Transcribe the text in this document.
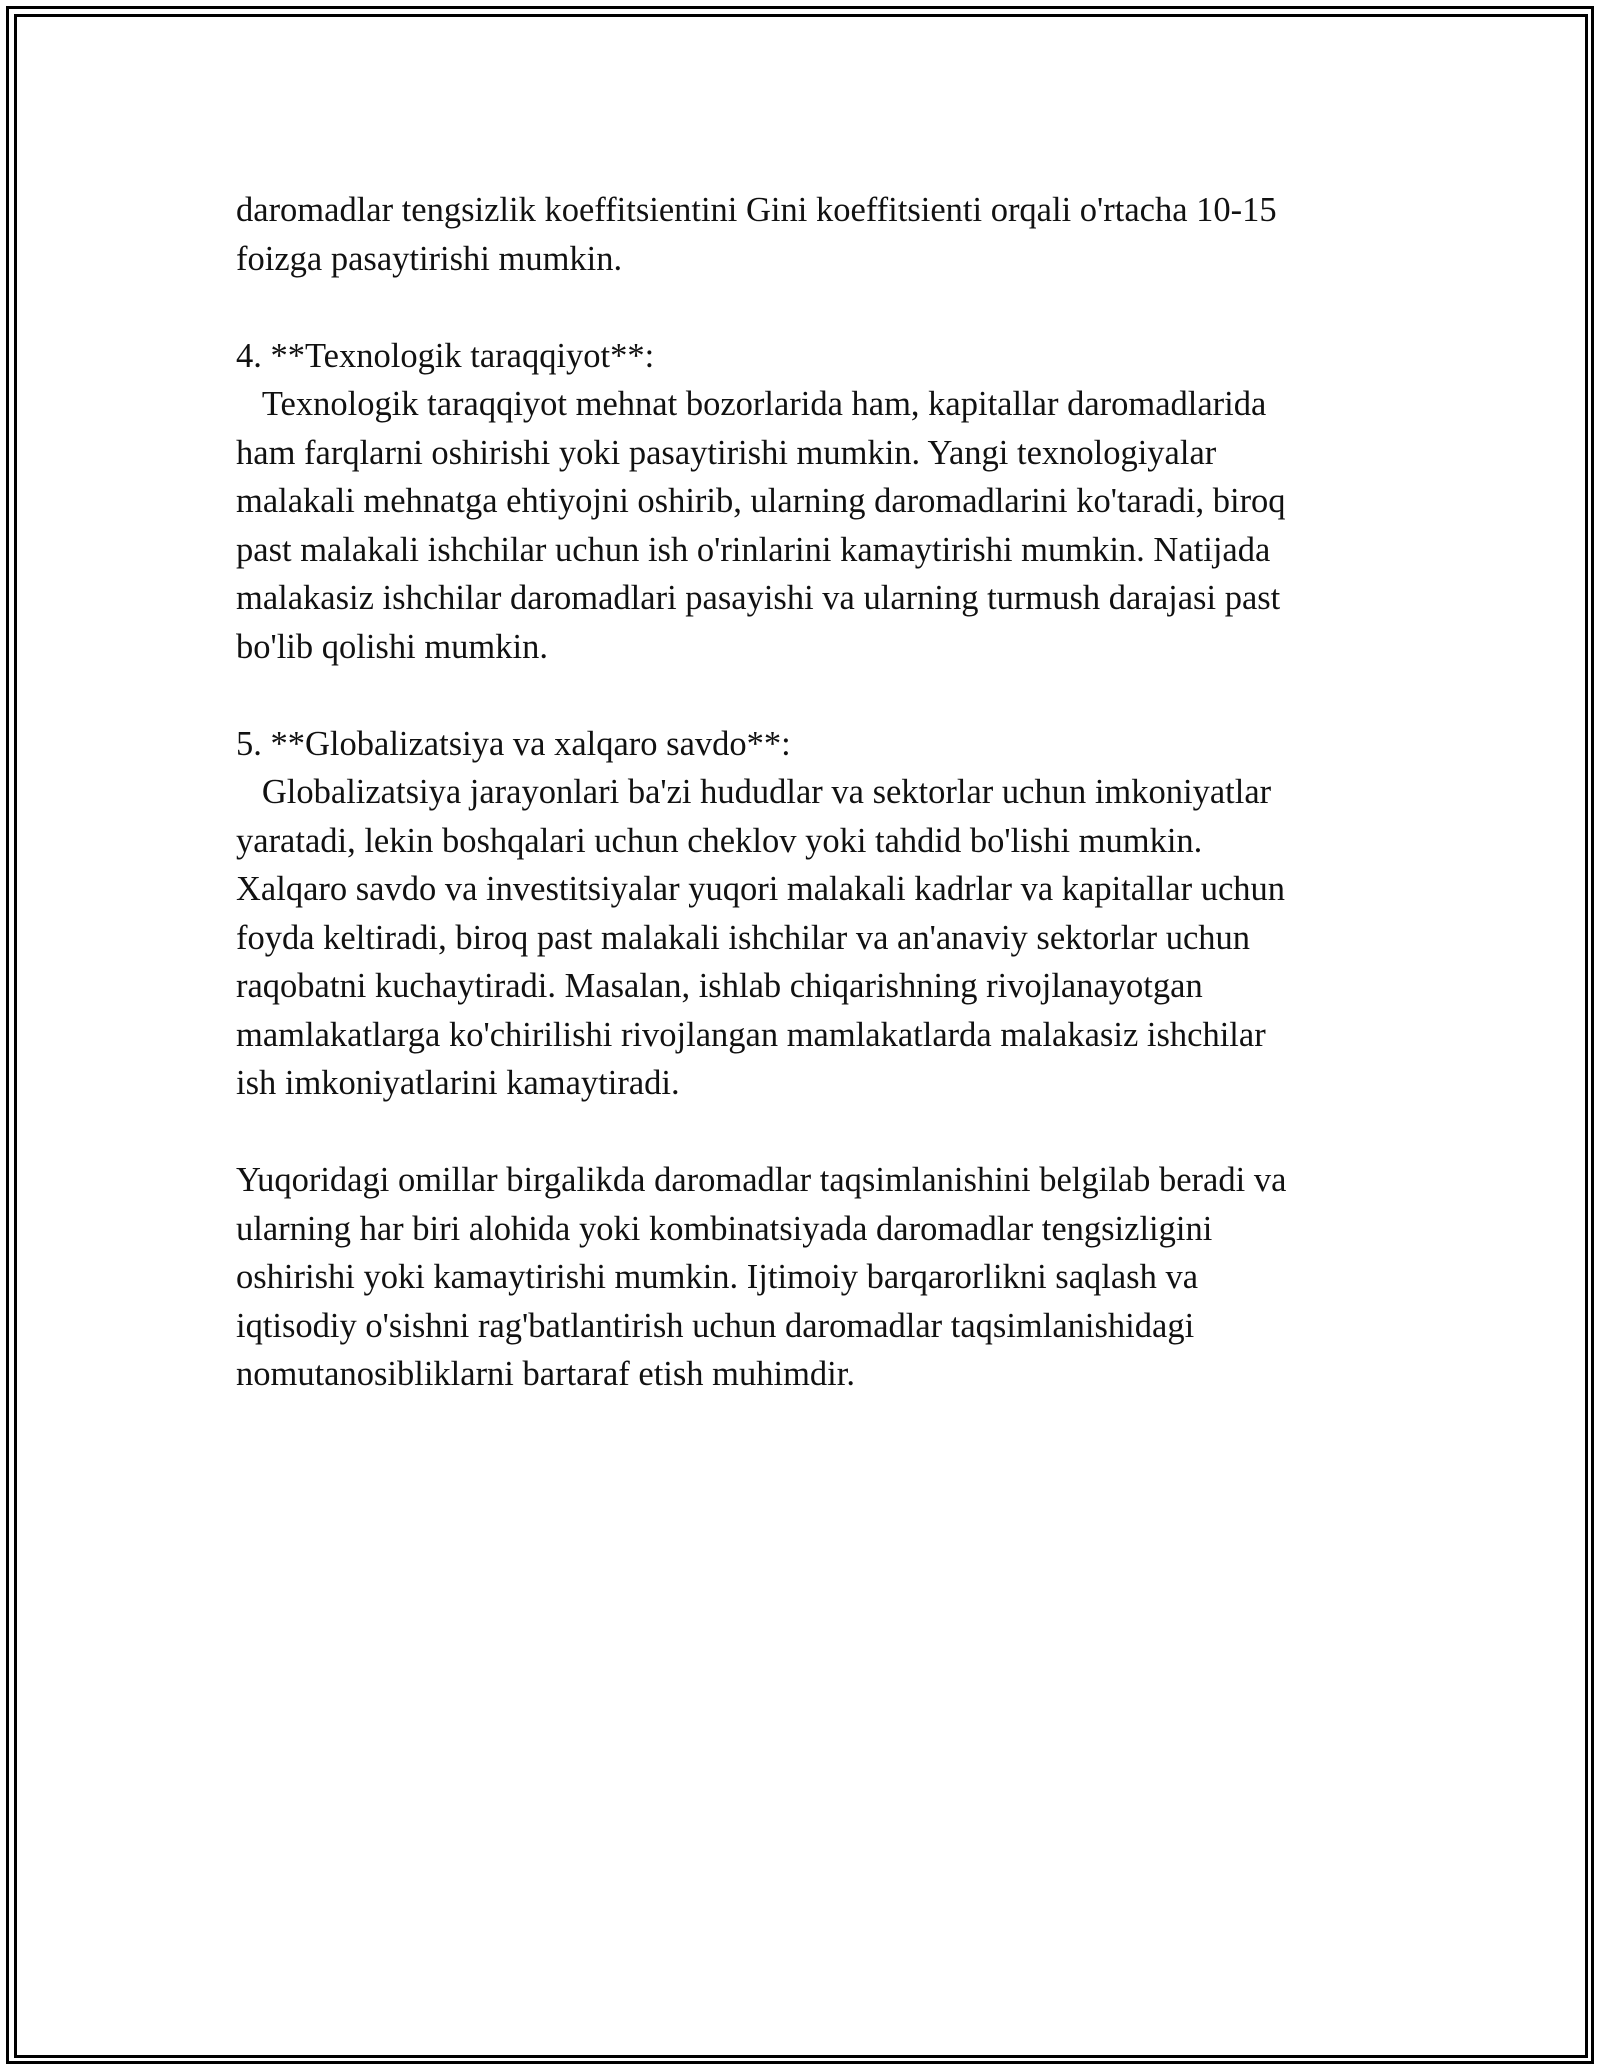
daromadlar tengsizlik koeffitsientini Gini koeffitsienti orqali o'rtacha 10-15
foizga pasaytirishi mumkin.

4. **Texnologik taraqqiyot**:
Texnologik taraqqiyot mehnat bozorlarida ham, kapitallar daromadlarida
ham farqlarni oshirishi yoki pasaytirishi mumkin. Yangi texnologiyalar
malakali mehnatga ehtiyojni oshirib, ularning daromadlarini ko'taradi, biroq
past malakali ishchilar uchun ish o'rinlarini kamaytirishi mumkin. Natijada
malakasiz ishchilar daromadlari pasayishi va ularning turmush darajasi past
bo'lib qolishi mumkin.

5. **Globalizatsiya va xalqaro savdo**:
Globalizatsiya jarayonlari ba'zi hududlar va sektorlar uchun imkoniyatlar
yaratadi, lekin boshqalari uchun cheklov yoki tahdid bo'lishi mumkin.
Xalqaro savdo va investitsiyalar yuqori malakali kadrlar va kapitallar uchun
foyda keltiradi, biroq past malakali ishchilar va an'anaviy sektorlar uchun
raqobatni kuchaytiradi. Masalan, ishlab chiqarishning rivojlanayotgan
mamlakatlarga ko'chirilishi rivojlangan mamlakatlarda malakasiz ishchilar
ish imkoniyatlarini kamaytiradi.

Yuqoridagi omillar birgalikda daromadlar taqsimlanishini belgilab beradi va
ularning har biri alohida yoki kombinatsiyada daromadlar tengsizligini
oshirishi yoki kamaytirishi mumkin. Ijtimoiy barqarorlikni saqlash va
iqtisodiy o'sishni rag'batlantirish uchun daromadlar taqsimlanishidagi
nomutanosibliklarni bartaraf etish muhimdir.
